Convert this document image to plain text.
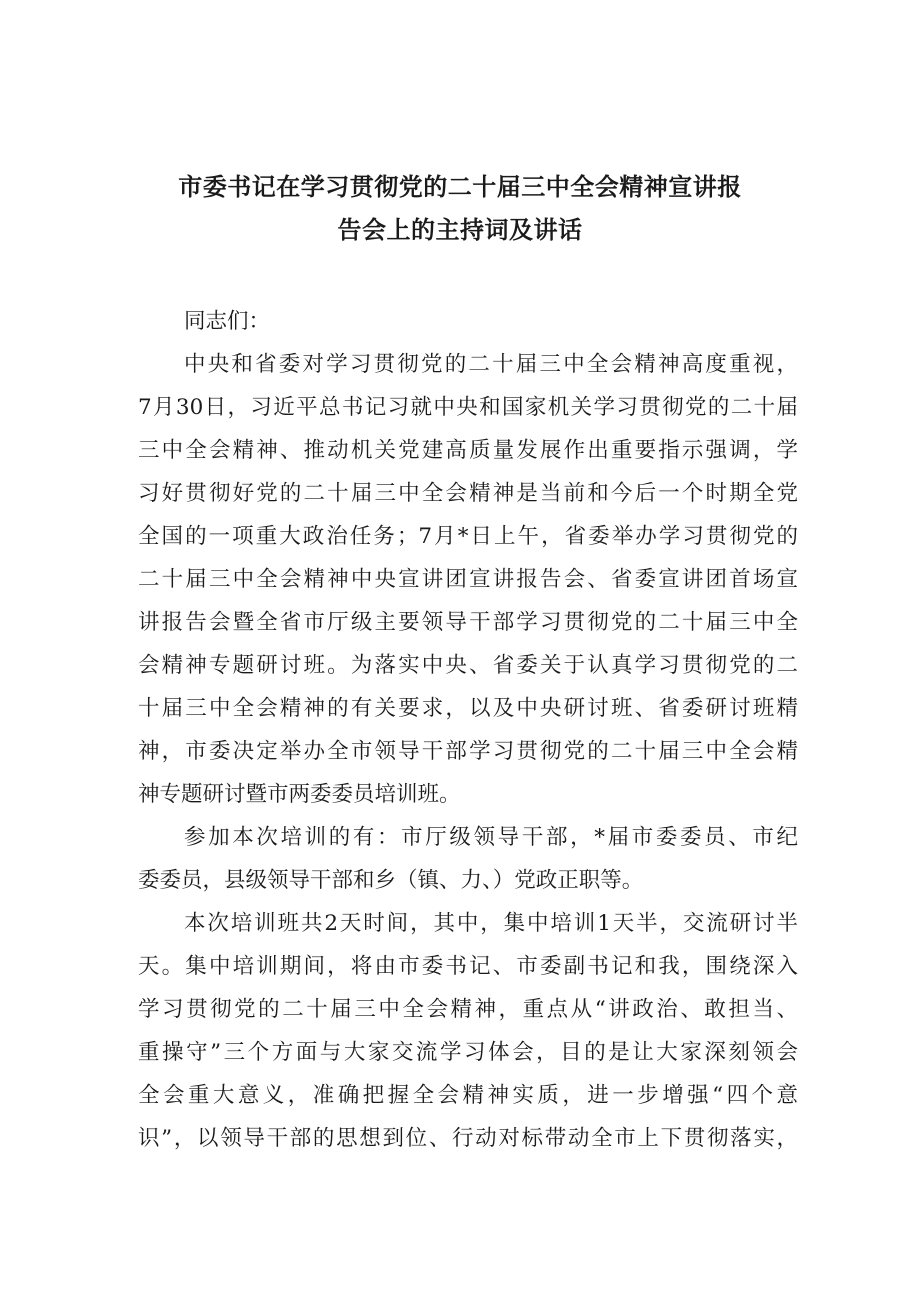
市委书记在学习贯彻党的二十届三中全会精神宣讲报
告会上的主持词及讲话
同志们：
中央和省委对学习贯彻党的二十届三中全会精神高度重视，
7月30日，习近平总书记习就中央和国家机关学习贯彻党的二十届
三中全会精神、推动机关党建高质量发展作出重要指示强调，学
习好贯彻好党的二十届三中全会精神是当前和今后一个时期全党
全国的一项重大政治任务；7月*日上午，省委举办学习贯彻党的
二十届三中全会精神中央宣讲团宣讲报告会、省委宣讲团首场宣
讲报告会暨全省市厅级主要领导干部学习贯彻党的二十届三中全
会精神专题研讨班。为落实中央、省委关于认真学习贯彻党的二
十届三中全会精神的有关要求，以及中央研讨班、省委研讨班精
神，市委决定举办全市领导干部学习贯彻党的二十届三中全会精
神专题研讨暨市两委委员培训班。
参加本次培训的有：市厅级领导干部，*届市委委员、市纪
委委员，县级领导干部和乡（镇、力、）党政正职等。
本次培训班共2天时间，其中，集中培训1天半，交流研讨半
天。集中培训期间，将由市委书记、市委副书记和我，围绕深入
学习贯彻党的二十届三中全会精神，重点从“讲政治、敢担当、
重操守”三个方面与大家交流学习体会，目的是让大家深刻领会
全会重大意义，准确把握全会精神实质，进一步增强“四个意
识”，以领导干部的思想到位、行动对标带动全市上下贯彻落实，
